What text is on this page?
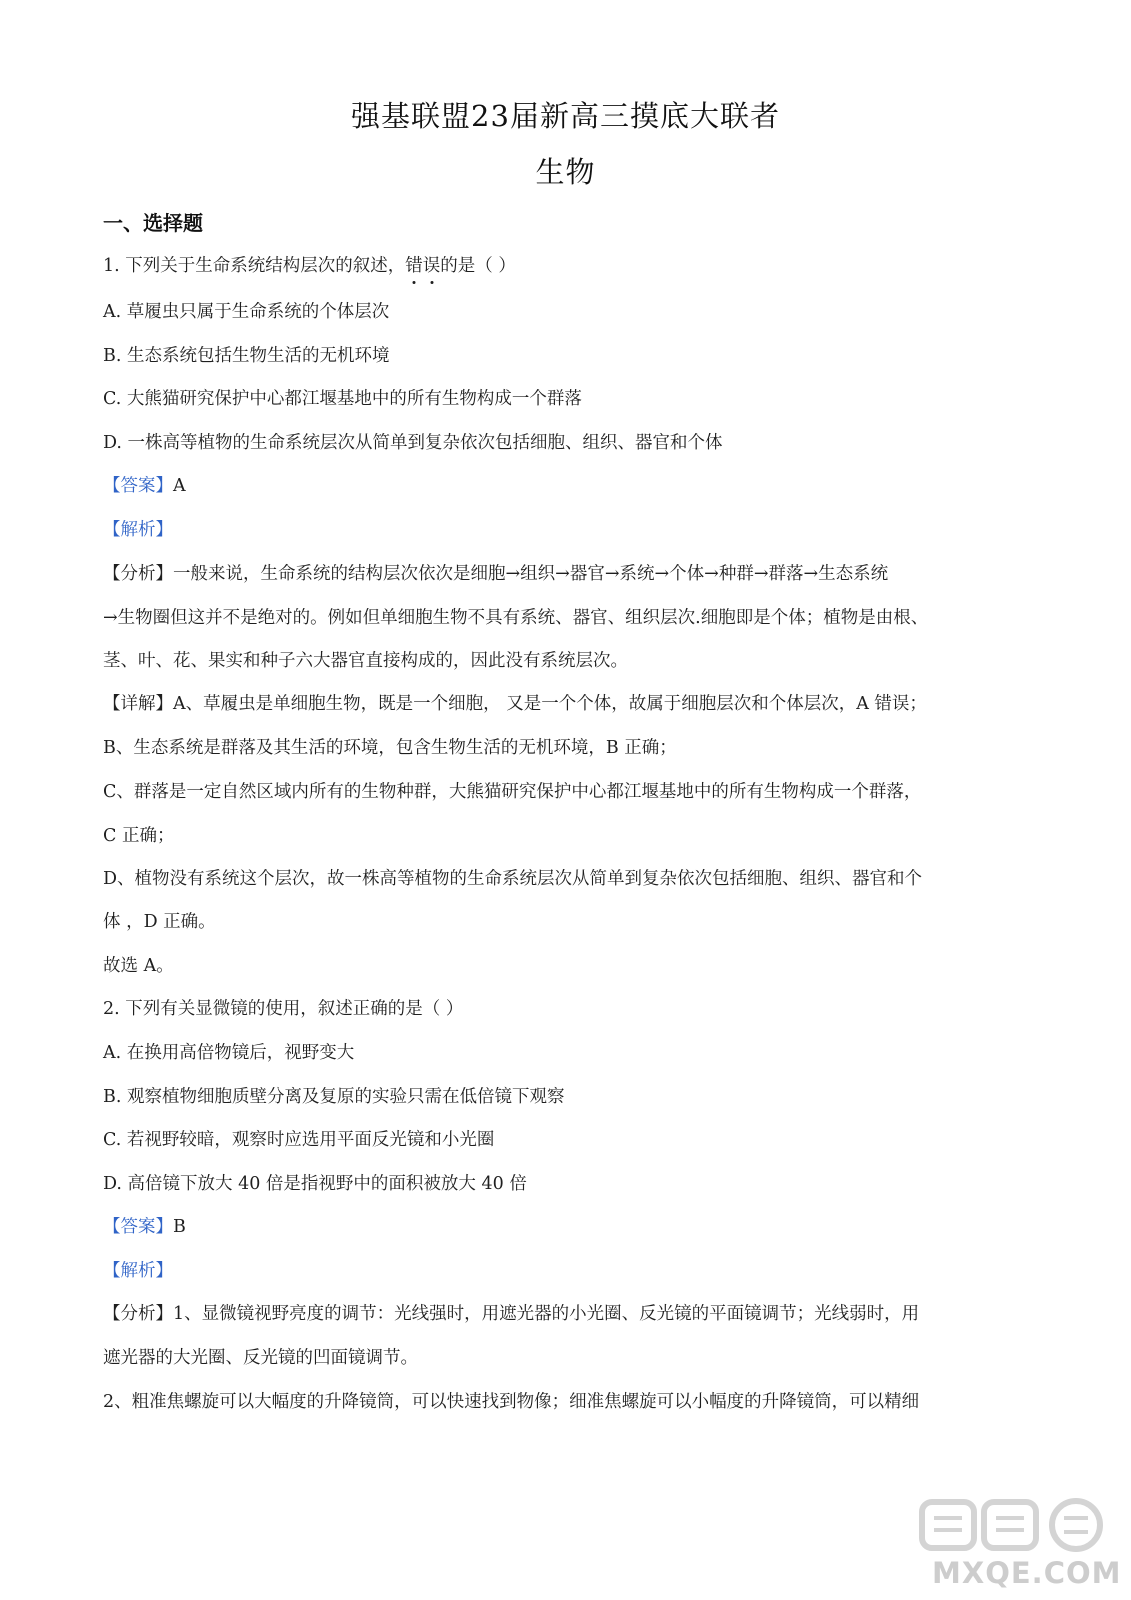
强基联盟23届新高三摸底大联者
生物
一、选择题
1. 下列关于生命系统结构层次的叙述，错误的是（ ）
A. 草履虫只属于生命系统的个体层次
B. 生态系统包括生物生活的无机环境
C. 大熊猫研究保护中心都江堰基地中的所有生物构成一个群落
D. 一株高等植物的生命系统层次从简单到复杂依次包括细胞、组织、器官和个体
【答案】A
【解析】
【分析】一般来说，生命系统的结构层次依次是细胞→组织→器官→系统→个体→种群→群落→生态系统
→生物圈但这并不是绝对的。例如但单细胞生物不具有系统、器官、组织层次.细胞即是个体；植物是由根、
茎、叶、花、果实和种子六大器官直接构成的，因此没有系统层次。
【详解】A、草履虫是单细胞生物，既是一个细胞， 又是一个个体，故属于细胞层次和个体层次，A 错误；
B、生态系统是群落及其生活的环境，包含生物生活的无机环境，B 正确；
C、群落是一定自然区域内所有的生物种群，大熊猫研究保护中心都江堰基地中的所有生物构成一个群落，
C 正确；
D、植物没有系统这个层次，故一株高等植物的生命系统层次从简单到复杂依次包括细胞、组织、器官和个
体 ，D 正确。
故选 A。
2. 下列有关显微镜的使用，叙述正确的是（ ）
A. 在换用高倍物镜后，视野变大
B. 观察植物细胞质壁分离及复原的实验只需在低倍镜下观察
C. 若视野较暗，观察时应选用平面反光镜和小光圈
D. 高倍镜下放大 40 倍是指视野中的面积被放大 40 倍
【答案】B
【解析】
【分析】1、显微镜视野亮度的调节：光线强时，用遮光器的小光圈、反光镜的平面镜调节；光线弱时，用
遮光器的大光圈、反光镜的凹面镜调节。
2、粗准焦螺旋可以大幅度的升降镜筒，可以快速找到物像；细准焦螺旋可以小幅度的升降镜筒，可以精细
MXQE.COM
